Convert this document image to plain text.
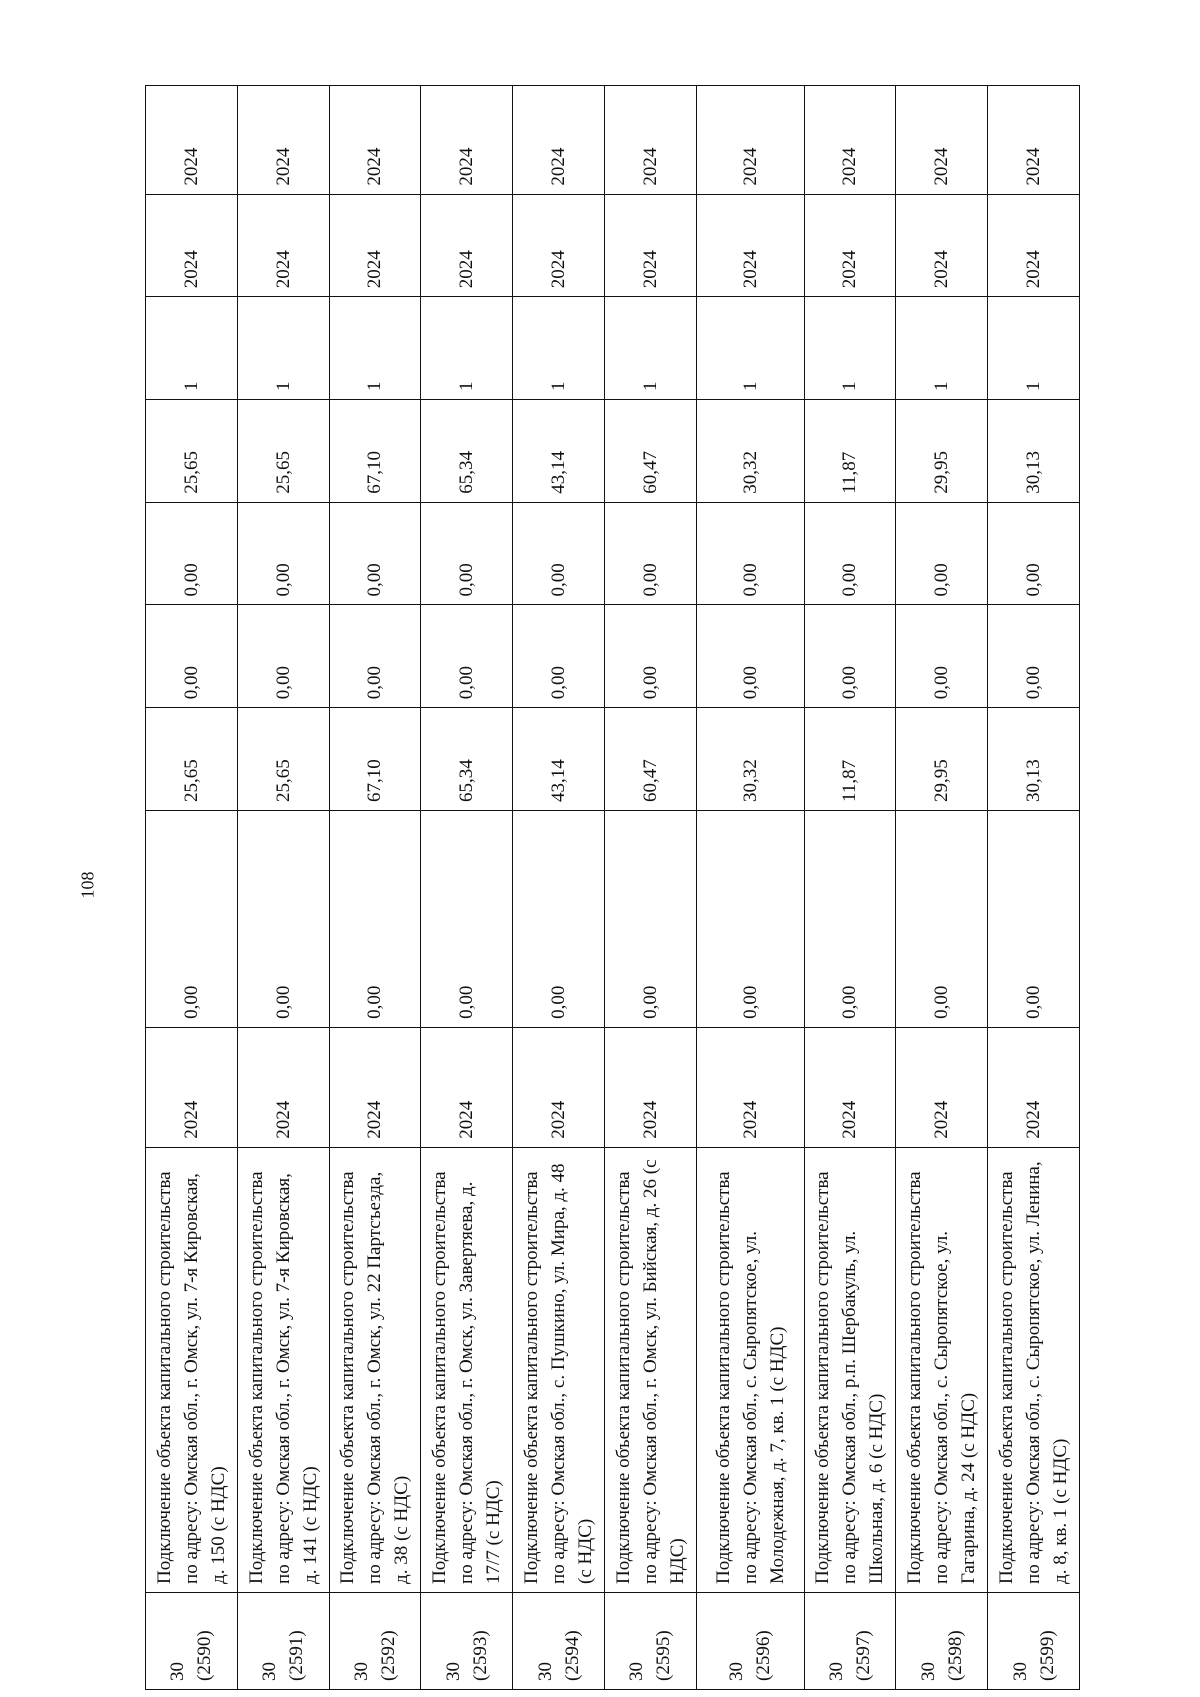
108
30 (2590)	Подключение объекта капитального строительства по адресу: Омская обл., г. Омск, ул. 7-я Кировская, д. 150 (с НДС)	2024	0,00	25,65	0,00	0,00	25,65	1	2024	2024

30 (2591)	Подключение объекта капитального строительства по адресу: Омская обл., г. Омск, ул. 7-я Кировская, д. 141 (с НДС)	2024	0,00	25,65	0,00	0,00	25,65	1	2024	2024

30 (2592)	Подключение объекта капитального строительства по адресу: Омская обл., г. Омск, ул. 22 Партсъезда, д. 38 (с НДС)	2024	0,00	67,10	0,00	0,00	67,10	1	2024	2024

30 (2593)	Подключение объекта капитального строительства по адресу: Омская обл., г. Омск, ул. Завертяева, д. 17/7 (с НДС)	2024	0,00	65,34	0,00	0,00	65,34	1	2024	2024

30 (2594)	Подключение объекта капитального строительства по адресу: Омская обл., с. Пушкино, ул. Мира, д. 48 (с НДС)	2024	0,00	43,14	0,00	0,00	43,14	1	2024	2024

30 (2595)	Подключение объекта капитального строительства по адресу: Омская обл., г. Омск, ул. Бийская, д. 26 (с НДС)	2024	0,00	60,47	0,00	0,00	60,47	1	2024	2024

30 (2596)	Подключение объекта капитального строительства по адресу: Омская обл., с. Сыропятское, ул. Молодежная, д. 7, кв. 1 (с НДС)	2024	0,00	30,32	0,00	0,00	30,32	1	2024	2024

30 (2597)	Подключение объекта капитального строительства по адресу: Омская обл., р.п. Шербакуль, ул. Школьная, д. 6 (с НДС)	2024	0,00	11,87	0,00	0,00	11,87	1	2024	2024

30 (2598)	Подключение объекта капитального строительства по адресу: Омская обл., с. Сыропятское, ул. Гагарина, д. 24 (с НДС)	2024	0,00	29,95	0,00	0,00	29,95	1	2024	2024

30 (2599)	Подключение объекта капитального строительства по адресу: Омская обл., с. Сыропятское, ул. Ленина, д. 8, кв. 1 (с НДС)	2024	0,00	30,13	0,00	0,00	30,13	1	2024	2024
